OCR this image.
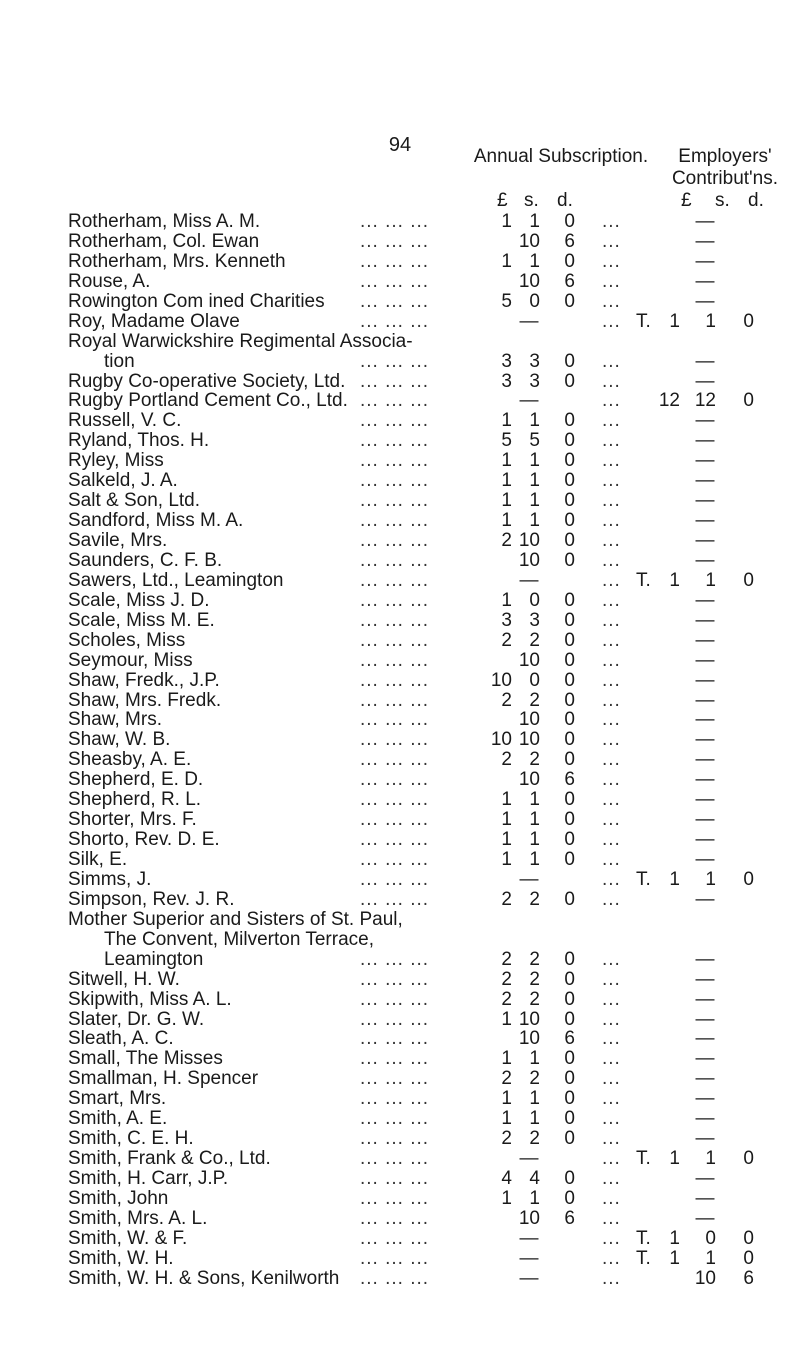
94
Annual Subscription.	Employers' Contribut'ns.
£ s. d.	£ s. d.
Rotherham, Miss A. M.	... ... ...	1 1	0 ...	—
Rotherham, Col. Ewan	... ... ...	10	6 ...	—
Rotherham, Mrs. Kenneth	... ... ...	1 1	0 ...	—
Rouse, A.	... ... ...	10	6 ...	—
Rowington Com ined Charities ... ... ...	5 0	0 ...	—
Roy, Madame Olave	... ... ...	—	... T. 1	1	0
Royal Warwickshire Regimental Associa-
tion	... ... ...	3 3	0 ...	—
Rugby Co-operative Society, Ltd. ... ... ...	3 3	0 ...	—
Rugby Portland Cement Co., Ltd. ... ... ...	—	...	12 12	0
Russell, V. C.	... ... ...	1 1	0 ...	—
Ryland, Thos. H.	... ... ...	5 5	0 ...	—
Ryley, Miss	... ... ...	1 1	0 ...	—
Salkeld, J. A.	... ... ...	1 1	0 ...	—
Salt & Son, Ltd.	... ... ...	1 1	0 ...	—
Sandford, Miss M. A.	... ... ...	1 1	0 ...	—
Savile, Mrs.	... ... ...	2 10	0 ...	—
Saunders, C. F. B.	... ... ...	10	0 ...	—
Sawers, Ltd., Leamington	... ... ...	—	... T. 1	1	0
Scale, Miss J. D.	... ... ...	1 0	0 ...	—
Scale, Miss M. E.	... ... ...	3 3	0 ...	—
Scholes, Miss	... ... ...	2 2	0 ...	—
Seymour, Miss	... ... ...	10	0 ...	—
Shaw, Fredk., J.P.	... ... ...	10 0	0 ...	—
Shaw, Mrs. Fredk.	... ... ...	2 2	0 ...	—
Shaw, Mrs.	... ... ...	10	0 ...	—
Shaw, W. B.	... ... ...	10 10	0 ...	—
Sheasby, A. E.	... ... ...	2 2	0 ...	—
Shepherd, E. D.	... ... ...	10	6 ...	—
Shepherd, R. L.	... ... ...	1 1	0 ...	—
Shorter, Mrs. F.	... ... ...	1 1	0 ...	—
Shorto, Rev. D. E.	... ... ...	1 1	0 ...	—
Silk, E.	... ... ...	1 1	0 ...	—
Simms, J.	... ... ...	—	... T. 1	1	0
Simpson, Rev. J. R.	... ... ...	2 2	0 ...	—
Mother Superior and Sisters of St. Paul,
The Convent, Milverton Terrace,
Leamington	... ... ...	2 2	0 ...	—
Sitwell, H. W.	... ... ...	2 2	0 ...	—
Skipwith, Miss A. L.	... ... ...	2 2	0 ...	—
Slater, Dr. G. W.	... ... ...	1 10	0 ...	—
Sleath, A. C.	... ... ...	10	6 ...	—
Small, The Misses	... ... ...	1 1	0 ...	—
Smallman, H. Spencer	... ... ...	2 2	0 ...	—
Smart, Mrs.	... ... ...	1 1	0 ...	—
Smith, A. E.	... ... ...	1 1	0 ...	—
Smith, C. E. H.	... ... ...	2 2	0 ...	—
Smith, Frank & Co., Ltd.	... ... ...	—	... T. 1	1	0
Smith, H. Carr, J.P.	... ... ...	4 4	0 ...	—
Smith, John	... ... ...	1 1	0 ...	—
Smith, Mrs. A. L.	... ... ...	10	6 ...	—
Smith, W. & F.	... ... ...	—	... T. 1	0	0
Smith, W. H.	... ... ...	—	... T. 1	1	0
Smith, W. H. & Sons, Kenilworth ... ... ...	—	...	10	6
